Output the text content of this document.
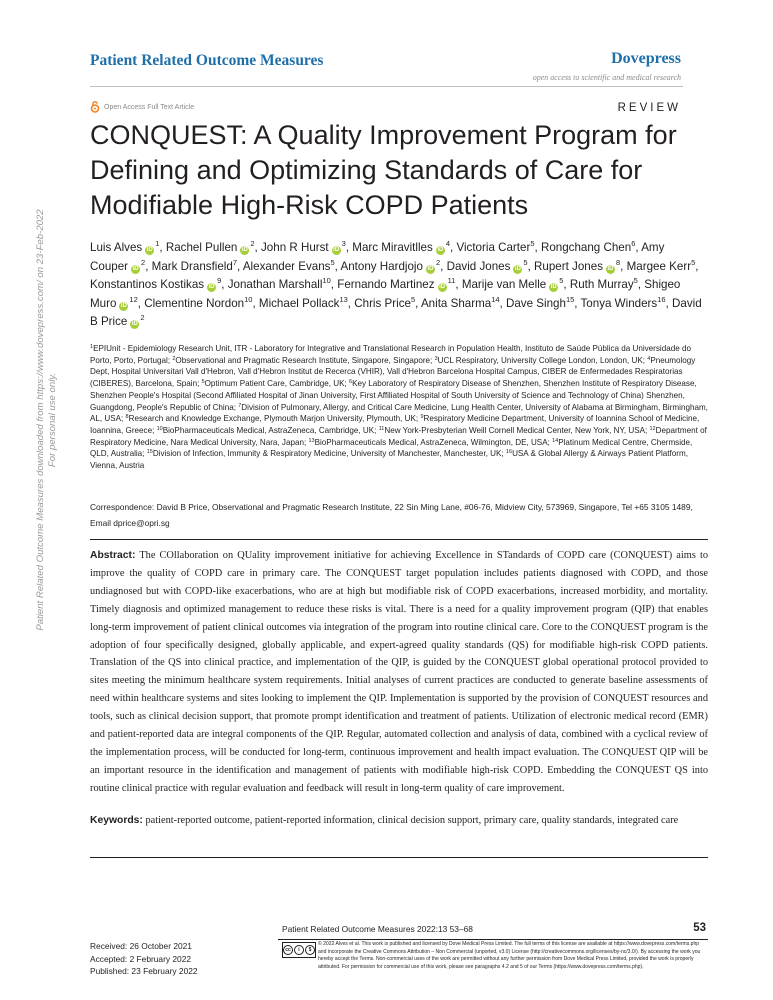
Patient Related Outcome Measures	Dovepress
open access to scientific and medical research
Open Access Full Text Article	REVIEW
CONQUEST: A Quality Improvement Program for Defining and Optimizing Standards of Care for Modifiable High-Risk COPD Patients
Luis Alves $iD^1$, Rachel Pullen $iD^2$, John R Hurst $iD^3$, Marc Miravitlles $iD^4$, Victoria Carter$^5$, Rongchang Chen$^6$, Amy Couper $iD^2$, Mark Dransfield$^7$, Alexander Evans$^5$, Antony Hardjojo $iD^2$, David Jones $iD^5$, Rupert Jones $iD^8$, Margee Kerr$^5$, Konstantinos Kostikas $iD^9$, Jonathan Marshall$^{10}$, Fernando Martinez $iD^{11}$, Marije van Melle $iD^5$, Ruth Murray$^5$, Shigeo Muro $iD^{12}$, Clementine Nordon$^{10}$, Michael Pollack$^{13}$, Chris Price$^5$, Anita Sharma$^{14}$, Dave Singh$^{15}$, Tonya Winders$^{16}$, David B Price $iD^2$
$^1$EPIUnit - Epidemiology Research Unit, ITR - Laboratory for Integrative and Translational Research in Population Health, Instituto de Saúde Pública da Universidade do Porto, Porto, Portugal; $^2$Observational and Pragmatic Research Institute, Singapore, Singapore; $^3$UCL Respiratory, University College London, London, UK; $^4$Pneumology Dept, Hospital Universitari Vall d'Hebron, Vall d'Hebron Institut de Recerca (VHIR), Vall d'Hebron Barcelona Hospital Campus, CIBER de Enfermedades Respiratorias (CIBERES), Barcelona, Spain; $^5$Optimum Patient Care, Cambridge, UK; $^6$Key Laboratory of Respiratory Disease of Shenzhen, Shenzhen Institute of Respiratory Disease, Shenzhen People's Hospital (Second Affiliated Hospital of Jinan University, First Affiliated Hospital of South University of Science and Technology of China) Shenzhen, Guangdong, People's Republic of China; $^7$Division of Pulmonary, Allergy, and Critical Care Medicine, Lung Health Center, University of Alabama at Birmingham, Birmingham, AL, USA; $^8$Research and Knowledge Exchange, Plymouth Marjon University, Plymouth, UK; $^9$Respiratory Medicine Department, University of Ioannina School of Medicine, Ioannina, Greece; $^{10}$BioPharmaceuticals Medical, AstraZeneca, Cambridge, UK; $^{11}$New York-Presbyterian Weill Cornell Medical Center, New York, NY, USA; $^{12}$Department of Respiratory Medicine, Nara Medical University, Nara, Japan; $^{13}$BioPharmaceuticals Medical, AstraZeneca, Wilmington, DE, USA; $^{14}$Platinum Medical Centre, Chermside, QLD, Australia; $^{15}$Division of Infection, Immunity & Respiratory Medicine, University of Manchester, Manchester, UK; $^{16}$USA & Global Allergy & Airways Patient Platform, Vienna, Austria
Correspondence: David B Price, Observational and Pragmatic Research Institute, 22 Sin Ming Lane, #06-76, Midview City, 573969, Singapore, Tel +65 3105 1489, Email dprice@opri.sg
Abstract: The COllaboration on QUality improvement initiative for achieving Excellence in STandards of COPD care (CONQUEST) aims to improve the quality of COPD care in primary care. The CONQUEST target population includes patients diagnosed with COPD, and those undiagnosed but with COPD-like exacerbations, who are at high but modifiable risk of COPD exacerbations, increased morbidity, and mortality. Timely diagnosis and optimized management to reduce these risks is vital. There is a need for a quality improvement program (QIP) that enables long-term improvement of patient clinical outcomes via integration of the program into routine clinical care. Core to the CONQUEST program is the adoption of four specifically designed, globally applicable, and expert-agreed quality standards (QS) for modifiable high-risk COPD patients. Translation of the QS into clinical practice, and implementation of the QIP, is guided by the CONQUEST global operational protocol provided to sites meeting the minimum healthcare system requirements. Initial analyses of current practices are conducted to generate baseline assessments of need within healthcare systems and sites looking to implement the QIP. Implementation is supported by the provision of CONQUEST resources and tools, such as clinical decision support, that promote prompt identification and treatment of patients. Utilization of electronic medical record (EMR) and patient-reported data are integral components of the QIP. Regular, automated collection and analysis of data, combined with a cyclical review of the implementation process, will be conducted for long-term, continuous improvement and health impact evaluation. The CONQUEST QIP will be an important resource in the identification and management of patients with modifiable high-risk COPD. Embedding the CONQUEST QS into routine clinical practice with regular evaluation and feedback will result in long-term quality of care improvement.
Keywords: patient-reported outcome, patient-reported information, clinical decision support, primary care, quality standards, integrated care
Patient Related Outcome Measures downloaded from https://www.dovepress.com/ on 23-Feb-2022 For personal use only.
Patient Related Outcome Measures 2022:13 53–68	53
Received: 26 October 2021
Accepted: 2 February 2022
Published: 23 February 2022
cc	i	$
© 2022 Alves et al. This work is published and licensed by Dove Medical Press Limited. The full terms of this license are available at https://www.dovepress.com/terms.php and incorporate the Creative Commons Attribution – Non Commercial (unported, v3.0) License (http://creativecommons.org/licenses/by-nc/3.0/). By accessing the work you hereby accept the Terms. Non-commercial uses of the work are permitted without any further permission from Dove Medical Press Limited, provided the work is properly attributed. For permission for commercial use of this work, please see paragraphs 4.2 and 5 of our Terms (https://www.dovepress.com/terms.php).
